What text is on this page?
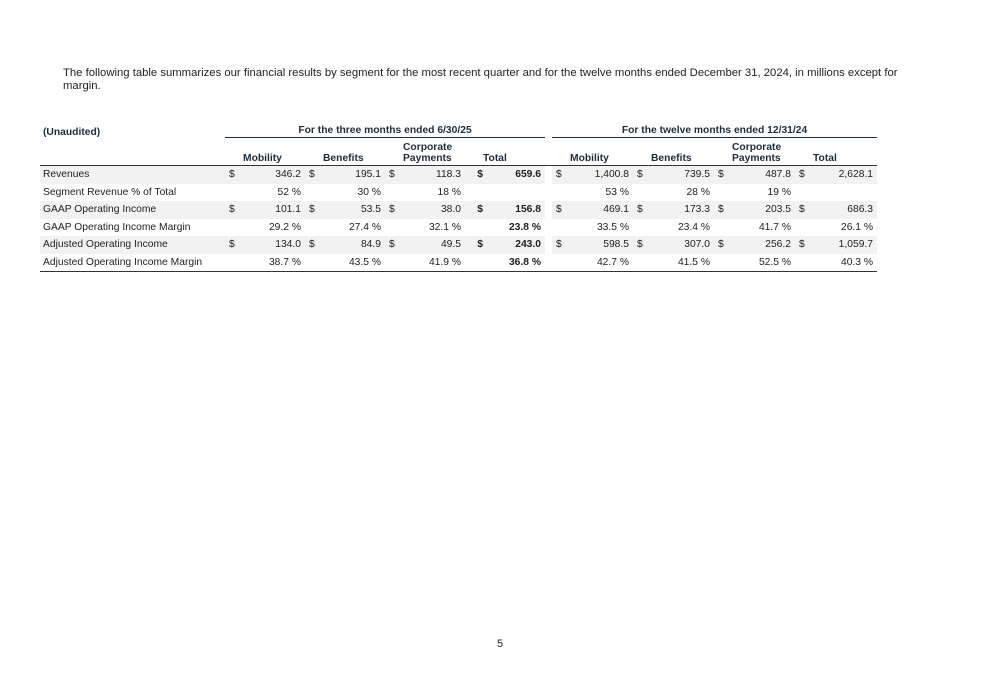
The following table summarizes our financial results by segment for the most recent quarter and for the twelve months ended December 31, 2024, in millions except for margin.
(Unaudited)	For the three months ended 6/30/25									For the twelve months ended 12/31/24							
		Mobility		Benefits		Corporate Payments		Total			Mobility		Benefits		Corporate Payments		Total
Revenues	$	346.2	$	195.1	$	118.3	$	659.6		$	1,400.8	$	739.5	$	487.8	$	2,628.1
Segment Revenue % of Total		52 %		30 %		18 %					53 %		28 %		19 %		
GAAP Operating Income	$	101.1	$	53.5	$	38.0	$	156.8		$	469.1	$	173.3	$	203.5	$	686.3
GAAP Operating Income Margin		29.2 %		27.4 %		32.1 %		23.8 %			33.5 %		23.4 %		41.7 %		26.1 %
Adjusted Operating Income	$	134.0	$	84.9	$	49.5	$	243.0		$	598.5	$	307.0	$	256.2	$	1,059.7
Adjusted Operating Income Margin		38.7 %		43.5 %		41.9 %		36.8 %			42.7 %		41.5 %		52.5 %		40.3 %
5
